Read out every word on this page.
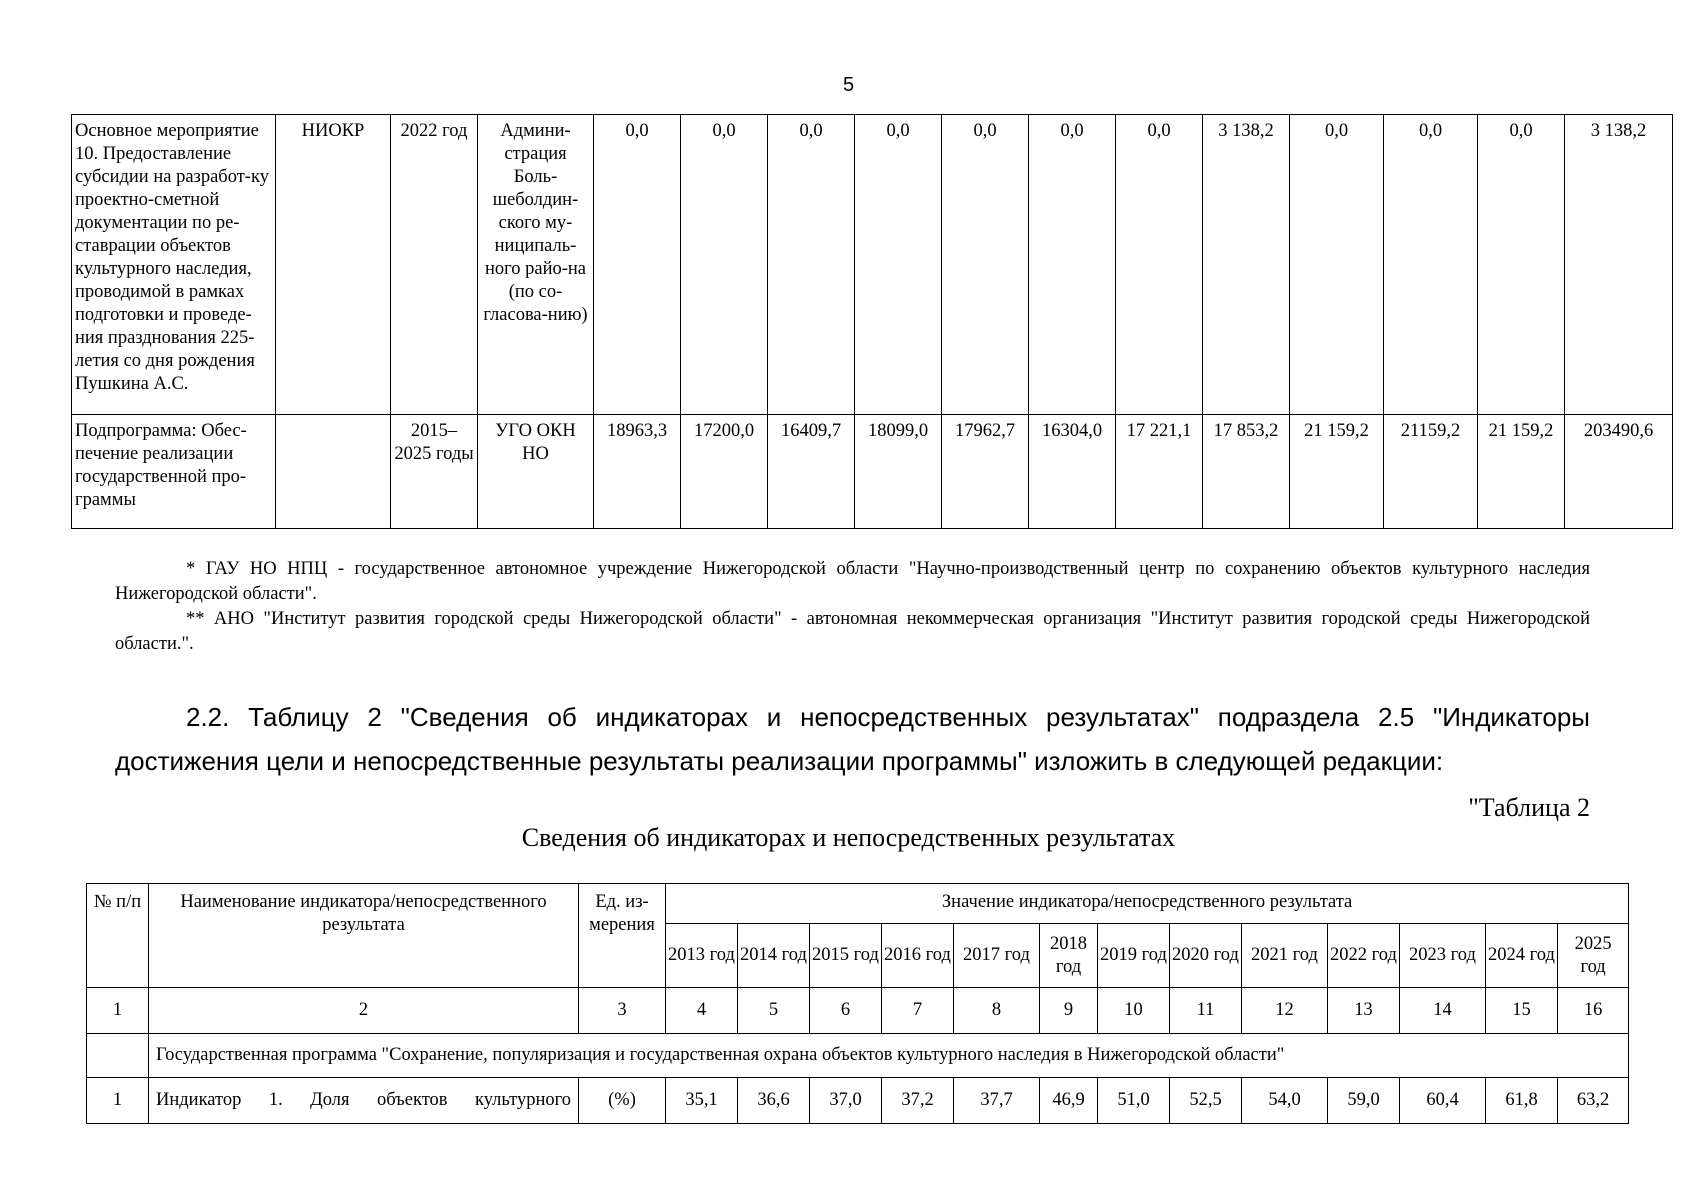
5
Основное мероприятие 10. Предоставление субсидии на разработ-ку проектно-сметной документации по ре-ставрации объектов культурного наследия, проводимой в рамках подготовки и проведе-ния празднования 225-летия со дня рождения Пушкина А.С.	НИОКР	2022 год	Админи-страция Боль-шеболдин-ского му-ниципаль-ного райо-на (по со-гласова-нию)	0,0	0,0	0,0	0,0	0,0	0,0	0,0	3 138,2	0,0	0,0	0,0	3 138,2
Подпрограмма: Обес-печение реализации государственной про-граммы		2015–2025 годы	УГО ОКН НО	18963,3	17200,0	16409,7	18099,0	17962,7	16304,0	17 221,1	17 853,2	21 159,2	21159,2	21 159,2	203490,6
* ГАУ НО НПЦ - государственное автономное учреждение Нижегородской области "Научно-производственный центр по сохранению объектов культурного наследия Нижегородской области".
** АНО "Институт развития городской среды Нижегородской области" - автономная некоммерческая организация "Институт развития городской среды Нижегородской области.".
2.2. Таблицу 2 "Сведения об индикаторах и непосредственных результатах" подраздела 2.5 "Индикаторы достижения цели и непосредственные результаты реализации программы" изложить в следующей редакции:
"Таблица 2
Сведения об индикаторах и непосредственных результатах
№ п/п	Наименование индикатора/непосредственного результата	Ед. из-мерения	Значение индикатора/непосредственного результата												
			2013 год	2014 год	2015 год	2016 год	2017 год	2018 год	2019 год	2020 год	2021 год	2022 год	2023 год	2024 год	2025 год
1	2	3	4	5	6	7	8	9	10	11	12	13	14	15	16
	Государственная программа "Сохранение, популяризация и государственная охрана объектов культурного наследия в Нижегородской области"														
1	Индикатор 1. Доля объектов культурного	(%)	35,1	36,6	37,0	37,2	37,7	46,9	51,0	52,5	54,0	59,0	60,4	61,8	63,2
